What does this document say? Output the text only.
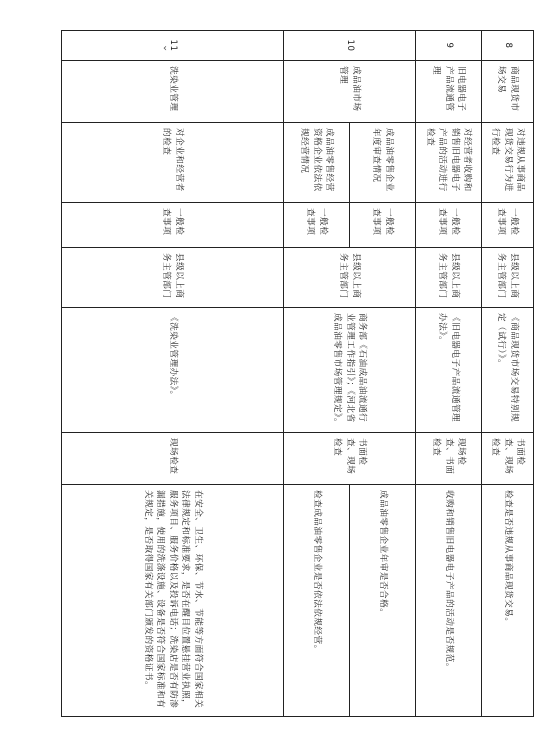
‹	8	商品现货市场交易	对违规从事商品现货交易行为进行检查	一般检查事项	县级以上商务主管部门	《商品现货市场交易特别规定（试行）》。	书面检查、现场检查	检查是否违规从事商品现货交易。
9	旧电器电子产品流通管理	对经营者收购和销售旧电器电子产品的活动进行检查	一般检查事项	县级以上商务主管部门	《旧电器电子产品流通管理办法》。	现场检查、书面检查	收购和销售旧电器电子产品的活动是否规范。
10	成品油市场管理	成品油零售企业年度审查情况	一般检查事项	县级以上商务主管部门	商务部《石油成品油流通行业管理工作指引》；《河北省成品油零售市场管理规定》。	书面检查、现场检查	成品油零售企业年审是否合格。
		成品油零售经营资格企业依法依规经营情况	一般检查事项				检查成品油零售企业是否依法依规经营。
11	洗染业管理	对企业和经营者的检查	一般检查事项	县级以上商务主管部门	《洗染业管理办法》。	现场检查	在安全、卫生、环保、节水、节能等方面符合国家相关法律规定和标准要求，是否在醒目位置悬挂营业执照，服务项目、服务价格以及投诉电话；洗染店是否有防渗漏措施，使用的洗涤设施、设备是否符合国家标准和有关规定，是否取得国家有关部门颁发的资格证书。
